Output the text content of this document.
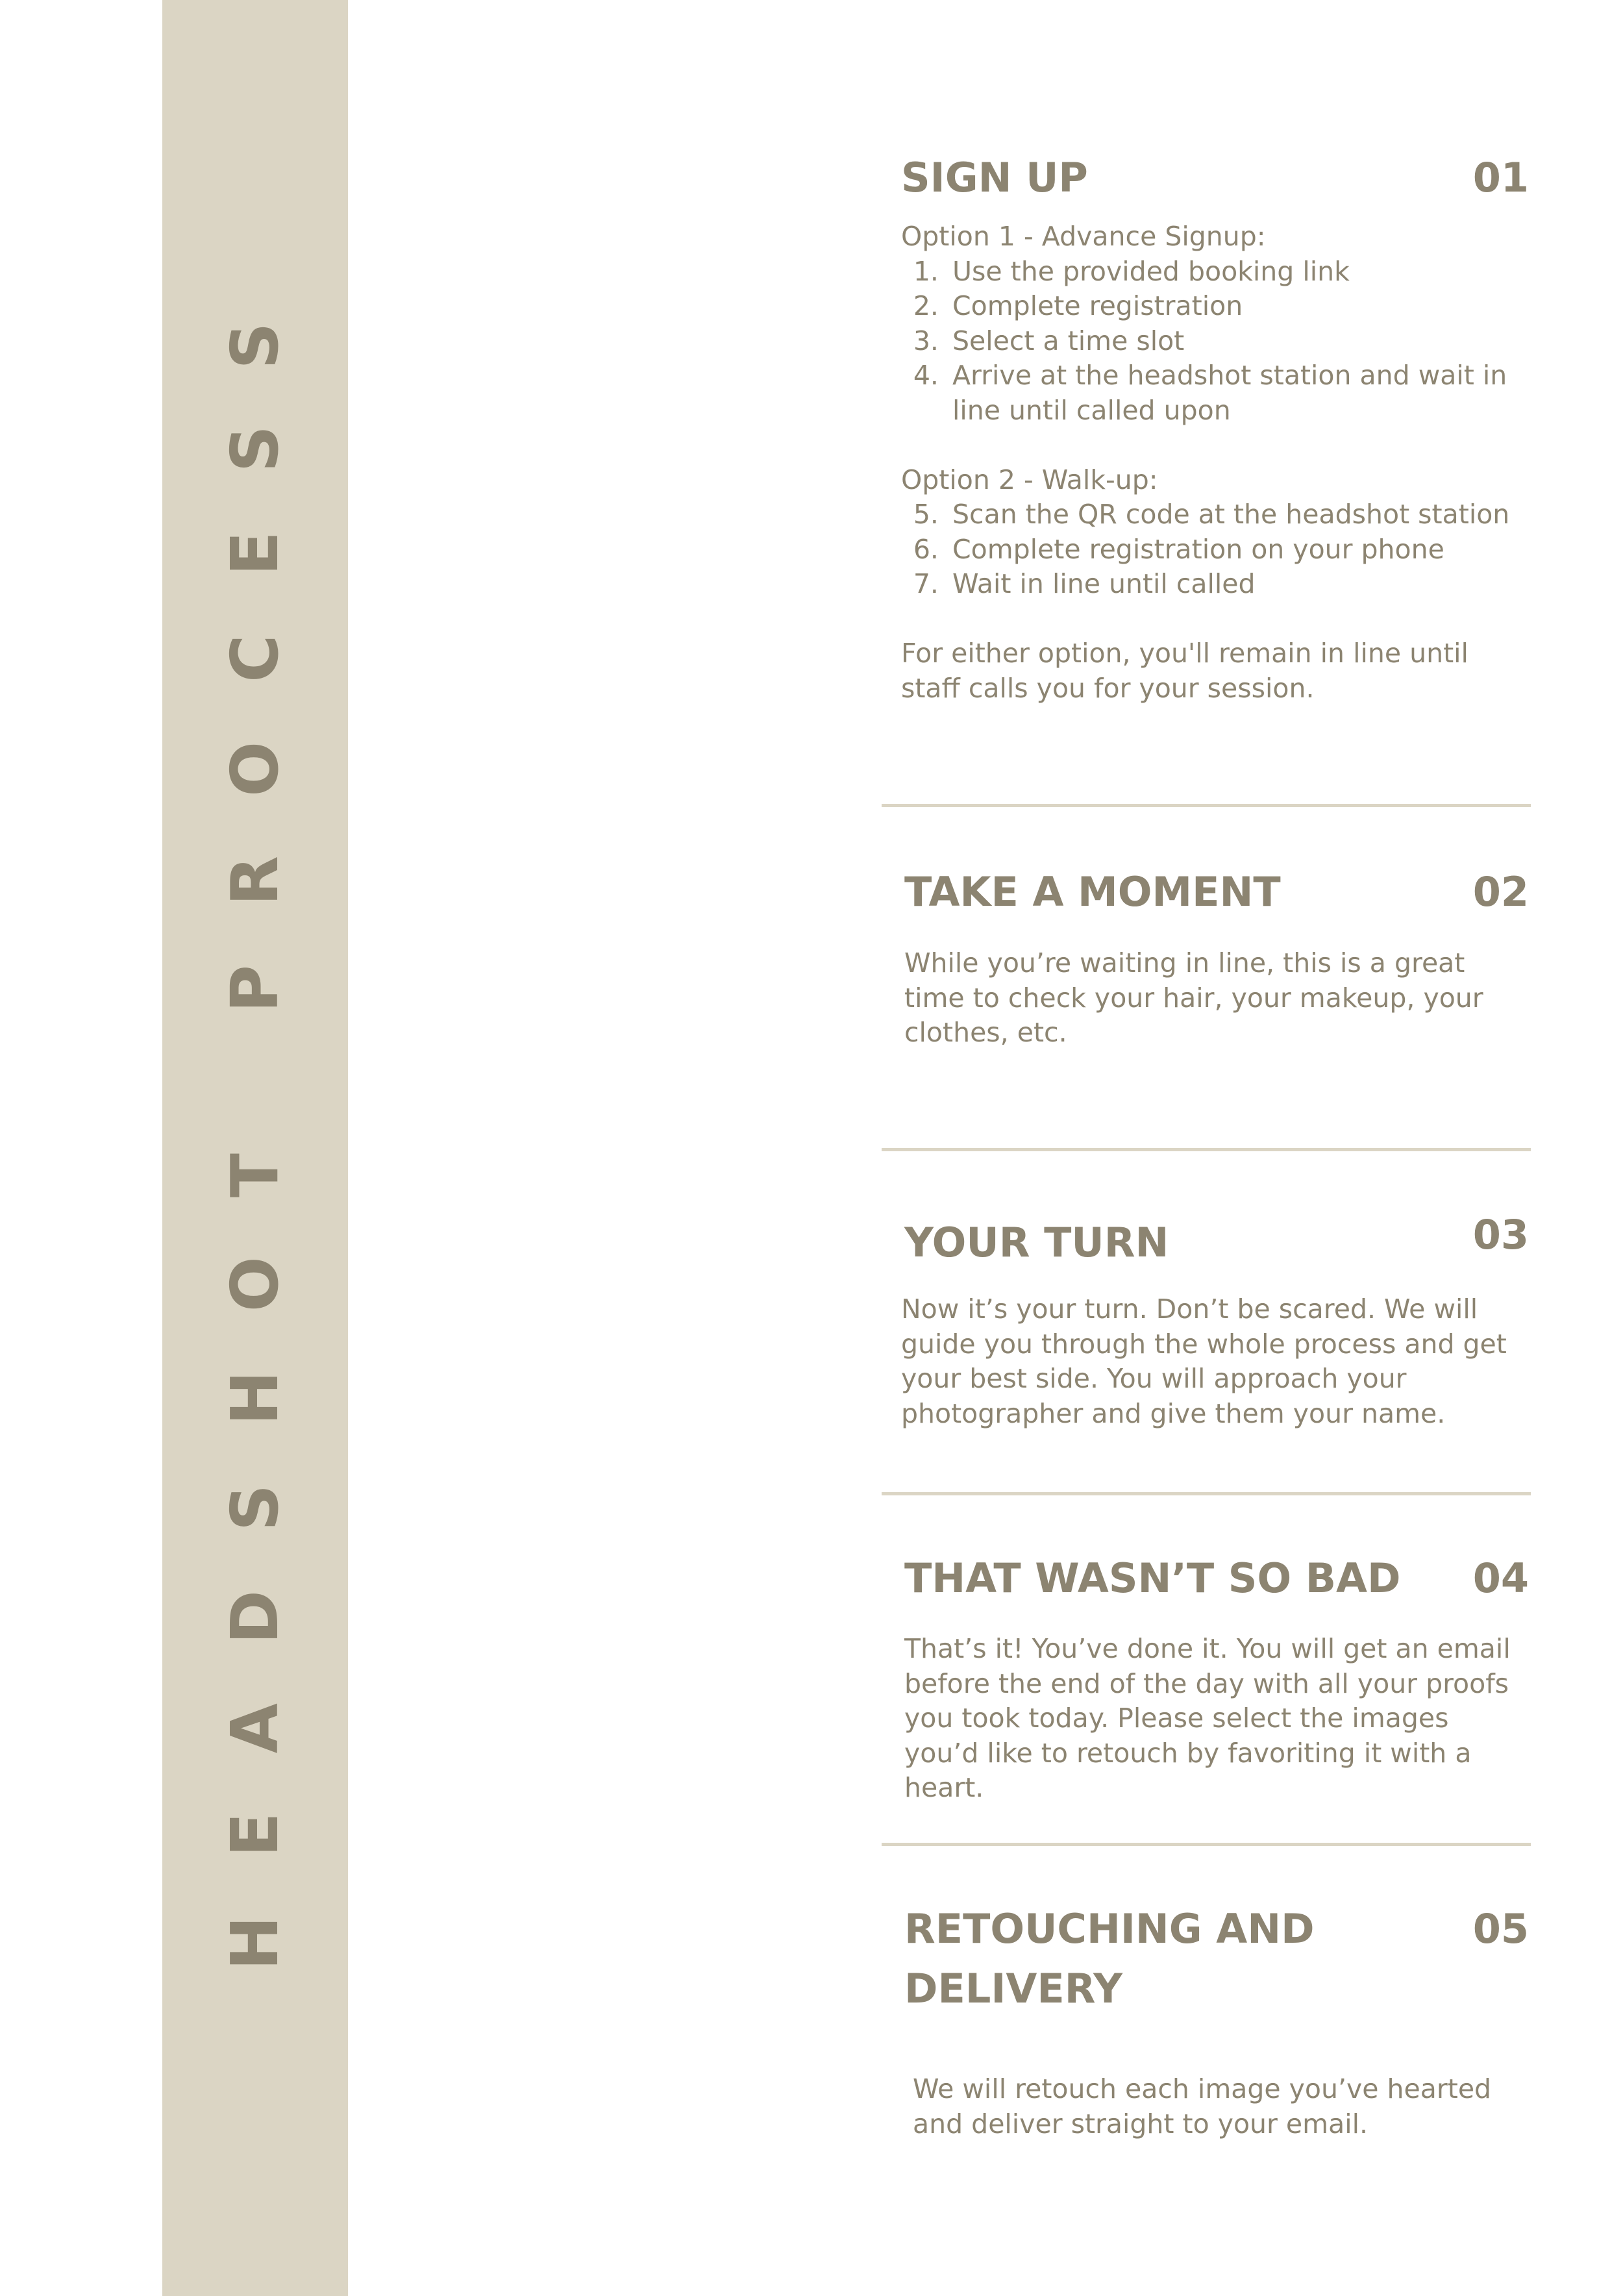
HEADSHOT PROCESS
SIGN UP	01
Option 1 - Advance Signup:
1. Use the provided booking link
2. Complete registration
3. Select a time slot
4. Arrive at the headshot station and wait in line until called upon
Option 2 - Walk-up:
5. Scan the QR code at the headshot station
6. Complete registration on your phone
7. Wait in line until called
For either option, you'll remain in line until staff calls you for your session.
TAKE A MOMENT	02
While you’re waiting in line, this is a great time to check your hair, your makeup, your clothes, etc.
YOUR TURN	03
Now it’s your turn. Don’t be scared. We will guide you through the whole process and get your best side. You will approach your photographer and give them your name.
THAT WASN’T SO BAD	04
That’s it! You’ve done it. You will get an email before the end of the day with all your proofs you took today. Please select the images you’d like to retouch by favoriting it with a heart.
RETOUCHING AND DELIVERY
05
We will retouch each image you’ve hearted and deliver straight to your email.
